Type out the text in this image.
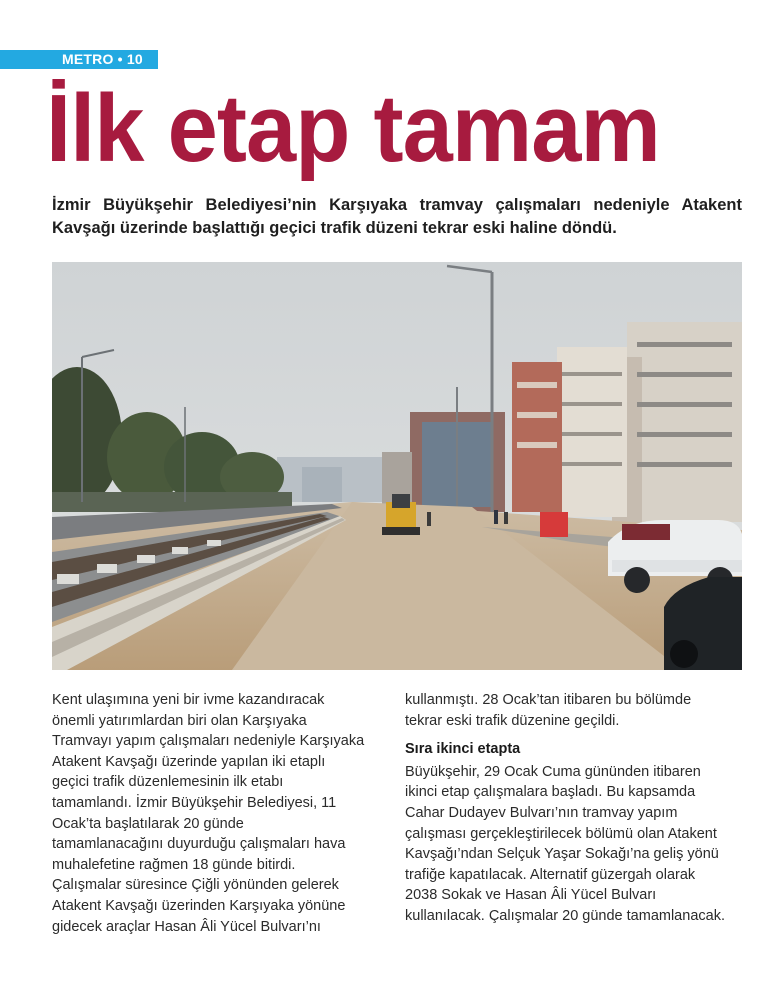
METRO • 10
İlk etap tamam

İzmir Büyükşehir Belediyesi’nin Karşıyaka tramvay çalışmaları nedeniyle Atakent Kavşağı üzerinde başlattığı geçici trafik düzeni tekrar eski haline döndü.

Kent ulaşımına yeni bir ivme kazandıracak

önemli yatırımlardan biri olan Karşıyaka

Tramvayı yapım çalışmaları nedeniyle Karşıyaka

Atakent Kavşağı üzerinde yapılan iki etaplı

geçici trafik düzenlemesinin ilk etabı

tamamlandı. İzmir Büyükşehir Belediyesi, 11

Ocak’ta başlatılarak 20 günde

tamamlanacağını duyurduğu çalışmaları hava

muhalefetine rağmen 18 günde bitirdi.

Çalışmalar süresince Çiğli yönünden gelerek

Atakent Kavşağı üzerinden Karşıyaka yönüne

gidecek araçlar Hasan Âli Yücel Bulvarı’nı

kullanmıştı. 28 Ocak’tan itibaren bu bölümde

tekrar eski trafik düzenine geçildi.

Sıra ikinci etapta

Büyükşehir, 29 Ocak Cuma gününden itibaren

ikinci etap çalışmalara başladı. Bu kapsamda

Cahar Dudayev Bulvarı’nın tramvay yapım

çalışması gerçekleştirilecek bölümü olan Atakent

Kavşağı’ndan Selçuk Yaşar Sokağı’na geliş yönü

trafiğe kapatılacak. Alternatif güzergah olarak

2038 Sokak ve Hasan Âli Yücel Bulvarı

kullanılacak. Çalışmalar 20 günde tamamlanacak.
